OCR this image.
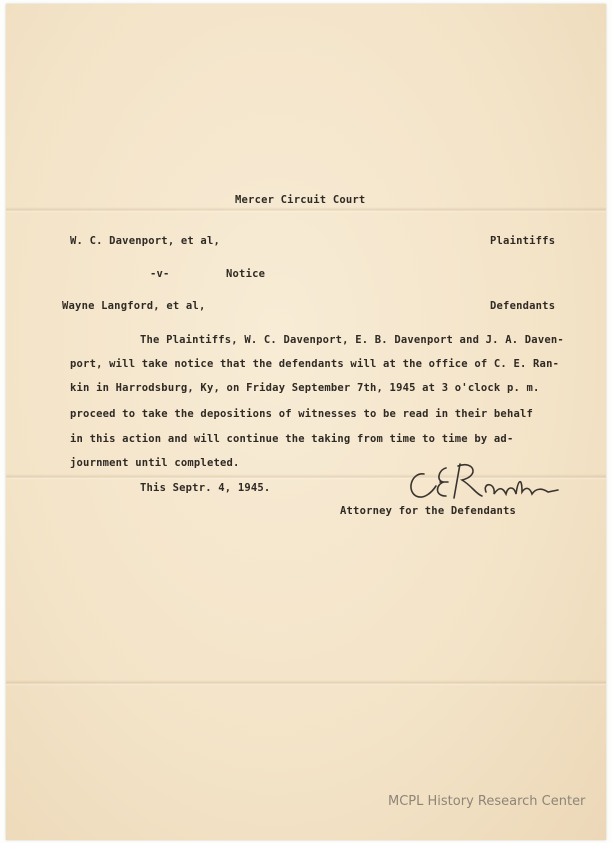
Mercer Circuit Court
W. C. Davenport, et al,	Plaintiffs
-v-	Notice
Wayne Langford, et al,	Defendants
The Plaintiffs, W. C. Davenport, E. B. Davenport and J. A. Daven-
port, will take notice that the defendants will at the office of C. E. Ran-
kin in Harrodsburg, Ky, on Friday September 7th, 1945 at 3 o'clock p. m.
proceed to take the depositions of witnesses to be read in their behalf
in this action and will continue the taking from time to time by ad-
journment until completed.
This Septr. 4, 1945.
Attorney for the Defendants
MCPL History Research Center
